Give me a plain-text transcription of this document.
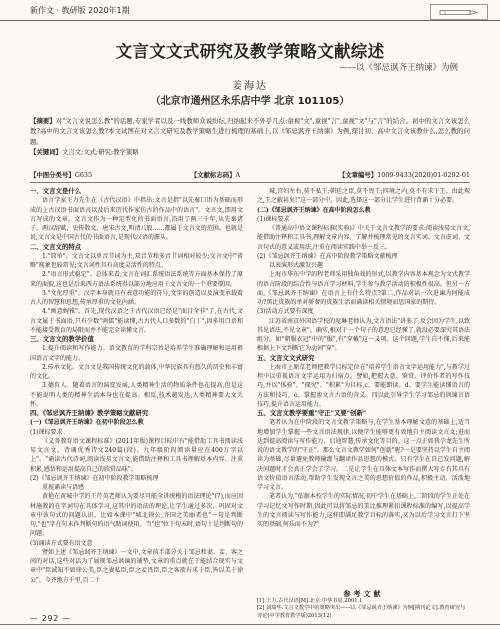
新作文 · 教研版 2020年1期
文言文文式研究及教学策略文献综述
——以《邹忌讽齐王纳谏》为例
姜海达
（北京市通州区永乐店中学 北京 101105）
【摘要】对"文言文说怎么教"的话题,专家学者以及一线教师众说纷纭,归纳起来不外乎几点:童视"文",童视"言",童视"文"与"言"的结合。初中的文言文该怎么教?高中的文言文该怎么教?本文试图在对文言文研究及教学策略生进行梳理的基础上,以《邹忌讽齐王纳谏》为例,探讨初、高中文言文该教什么,怎么教的问题。
【关键词】文言文;文式;研究;教学策略
【中图分类号】G635	【文献标志码】A	【文章编号】1009-9433(2020)01-0292-01

一、文言文是什么

语言学家王力先生在《古代汉语》中指出:文言是指"以先秦口语为基础而形成的上古汉语书面语言以及后来历代作家仿古的作品中的语言"。文言文,即用文言写成的文章。文言文作为一种定型化的书面语言,沿用了两三千年,从先秦诸子、两汉辞赋、史传散文、唐宋古文,明清八股……都属于文言文的范围。也就是说,文言文是中国古代的书面语言,是现代汉语的源头。

二、文言文的特点

1."简单"。文言文以单音节词为主,双音节和多音节词相对较少;文言文中"省略"现象也较常见;文言词性具有高度灵活性的特点。

2."语言形式稳定"。总体来看,文言在词汇系统语法系统等方面基本保持了原来的面貌,这也是后来西方语法系统得以部分地应用于文言文的一个重要原因。

3."文化厚重"。汉字本身就具有表意功能的符号,文字的创造以及演变承载着古人的智慧和思想,传承厚重的文化内涵。

4."画意婉雅"。首先,现代汉语之于古代汉语已经是"面目全非"了,在古代,文言文属于书面语,只有少数"鸿儒"能读懂,古古代人口多数的"白丁",因多用口语和不能接受教育的局限而并不能完全读懂文言。

三、文言文的教学价值

1.提升阅读和写作能力。语文教育的学科宗旨是培养学生准确理解和运用祖国语言文字的能力。

2.传承文化。文言文是我国传统文化的载体,中华民族具有悠久的历史和丰富的文化。

3.德育人。随着语言的演变发展,人类精神生活的物质条件也在提高,但是这不能说明人类的精神生活本身也在提高。相反,技术越发达,人类精神要大文关怀。

四、《邹忌讽齐王纳谏》教学策略文献研究

(一)《邹忌讽齐王纳谏》在初中阶段怎么教

(1)课标要求

《义务教育语文课程标准》(2011年版)课程目标中有"能借助工具书阅读浅易文言文。背诵优秀诗文240篇(段)。九年级阶段阅读量应在400万字以上"。"诵读古代诗词,阅读浅易文言文,能借助注释和工具书理解基本内容。注重积累,感悟和运用提高自己的欣赏品味"。

(2)《邹忌讽齐王纳谏》在初中阶段教学策略梳理

重视诵读与语感

黄艳在黄城中学的王芹英老师认为要尽可能全讲统模的语法理论"(7),而应因材施教的在字词句在具体学习,这其中的语法的理论,让学生通过多次、巩固对文章中该句式的问题认识。比如本课中"城北徐公,齐国之美丽者也"一句是判断句,"也"字在句末作判断句的语气助词使用。当"也"位于句末时,语句十是判断句的问题。

(3)诵读方式要有语文意

譬如上述《邹忌讽齐王纳谏》一文中,文章前半部分关于邹忌和妻、妾、客之间的对话,这些对话为了展现邹忌讽谏的铺垫,文章的重点就在于能结合现实与文章中"臣诚知不如徐公美,臣之妻私臣,臣之妾畏臣,臣之客欲有求于臣,皆以美于徐公"。今齐地方千里,百二十

城,宫妇左右,莫不私王;朝廷之臣,莫不畏王;四境之内,莫不有求于王。由此观之,王之蔽甚矣!"这一部分中。因此,选择这一部分让学生进行背诵十分必要。

(二)《邹忌讽齐王纳谏》在高中阶段怎么教

(1)课标要求

《普通高中语文课程标准(实验)》中关于文言文教学的要求:阅读浅易文言文,能借助注释和工具书,理解文章内容。了解并梳理常见的文言实词、文言虚词、文言句式的意义或用法,注重在阅读实践中举一反三。

(2)《邹忌讽齐王纳谏》在高中阶段教学策略文献梳理

以表演形式激发兴趣

上海市华东中学的程老师采用独角戏的形式,以教学内容基本观念为文式教学的语言阶段的综合性与语言学习材料,学生参与教学活动的积极性很高。但另一方面,《邹忌讽齐王纳谏》在语言上有什么特点?第二,作品对话一次进谏为何能成功?黑比贵族的单对骄奢的贵族生活而诵读相关情境而思国家的期待。

(3)活动方式要有深度

江苏省南京外国语学校的庞琳老师认为,文言语法"讲多了,反会因为学生,以致其见语法,不见文章"。确实,相对于一个句子的意思已经懂了,就没必要深究其语法组分。如"朝服衣冠"中的"服",有"穿戴"这一义项。这个问题,学生自不懂,后来能根据上下文判断它为动词"穿"。

五、文言文文式研究

上海市上原草老师把教学目标定位在"培养学生语言文字运用能力",与教学过程中以重视语言文字运用为归宿点。譬如,把握大意、鉴赏、评价作者的写作技巧,并以"体验"、"探究"、"积累"为目标,c、要能朗读。d、要学生能读懂语言的方法和技巧。e、掌握渗文言古语的含义。四以此引导学生学习邹忌的讽谏言语技巧,提升语言运用能力。

五、文言文教学要重"守正"又要"创新"

笔者认为在中阶段的文言文教学策略与,在学生基本理解文意的基础上,适当地增加学生掌握一些文言语法规律,以便学生能够更有效地自主阅读文言文;进而达到提高阅读与写作能力、启迪智慧,传承文化等目的。这一点正如我孕龙先生所说的语文教学的"守正"。那么文言文教学如何"创新"呢?一是要坚持以学生自主阅读为基础,尽量避免教师输灌与翻译作品思想的模式。只有学生在自己发问题,解决问题时才会真正学会了学习。二是让学生在具体文本写作而撰大写专有其具有语文价值语言活动,帮助学生发现文言之美的思想价值的作品,积极主动、活泼地学习文言。

笔者认为,"依据本校学生的实际情况,初中学生在基础上,二阶段的学生正处在学习记忆文写作时期,因此可以将邹忌的美比推理紧扣课程标准的编写,以提高学生的文言阅读与写作能力,这样即满足教学目标的落实,又为以后学习文言打下坚实的基础,何乐而不为?"

参考文献
[1] 王力.古代汉语[M].北京:中华书局,2001.1
[2] 刘瑞华.文言文教学中的策略突出——以《邹忌讽齐王纳谏》为例[期刊论文].教育研究与评论(中学教育教学版)2013(12)
— 292 —
